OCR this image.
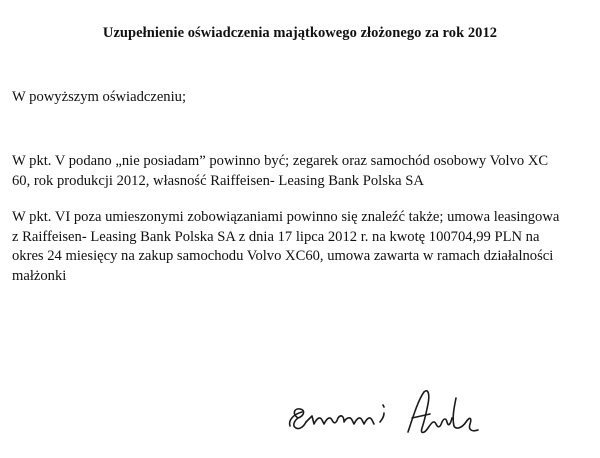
Uzupełnienie oświadczenia majątkowego złożonego za rok 2012

W powyższym oświadczeniu;

W pkt. V podano „nie posiadam” powinno być; zegarek oraz samochód osobowy Volvo XC
60, rok produkcji 2012, własność Raiffeisen- Leasing Bank Polska SA

W pkt. VI poza umieszonymi zobowiązaniami powinno się znaleźć także; umowa leasingowa
z Raiffeisen- Leasing Bank Polska SA z dnia 17 lipca 2012 r. na kwotę 100704,99 PLN na
okres 24 miesięcy na zakup samochodu Volvo XC60, umowa zawarta w ramach działalności
małżonki
